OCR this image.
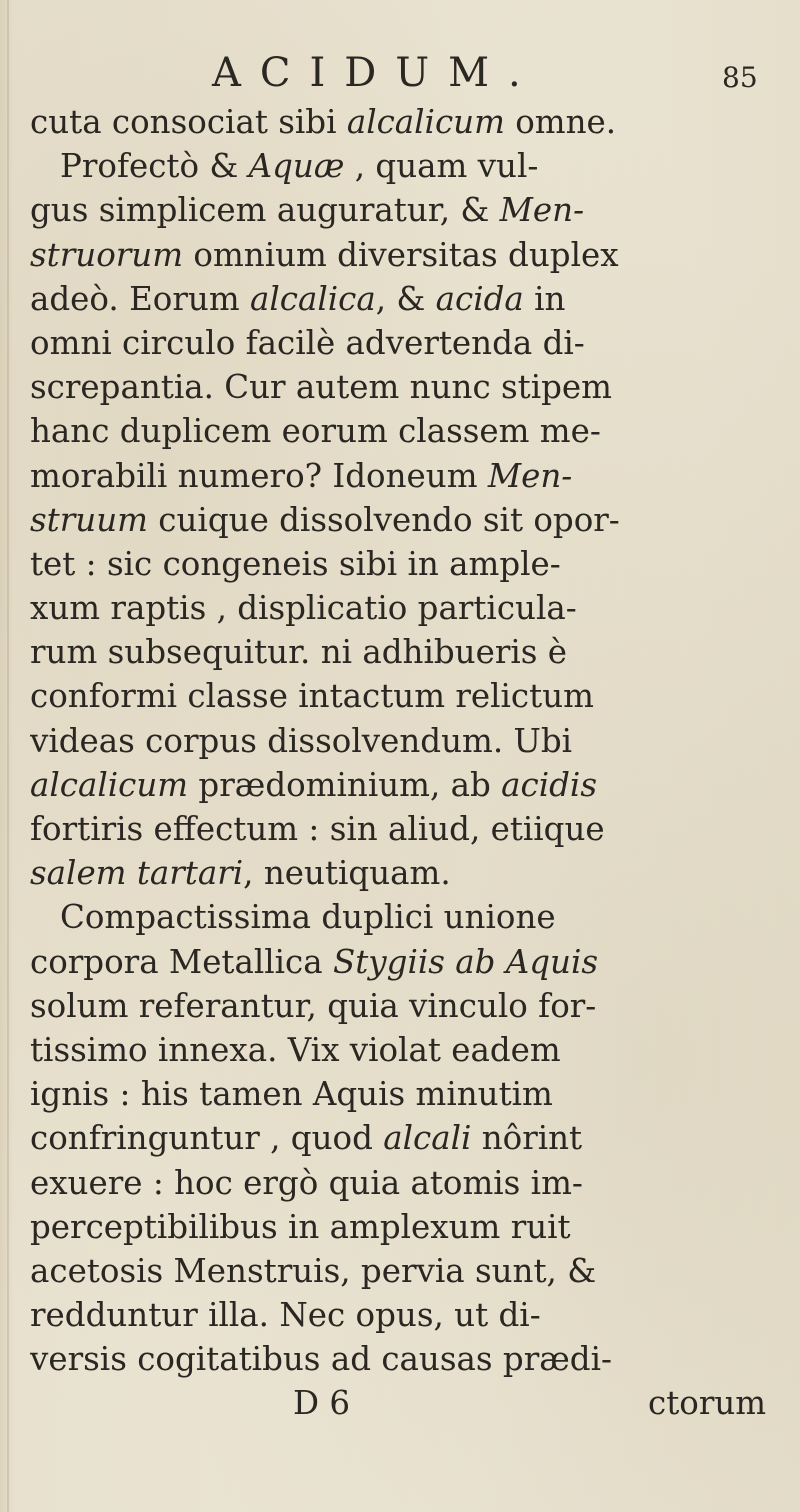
ACIDUM.	85
cuta consociat sibi alcalicum omne.
Profectò & Aquæ , quam vul-
gus simplicem auguratur, & Men-
struorum omnium diversitas duplex
adeò. Eorum alcalica, & acida in
omni circulo facilè advertenda di-
screpantia. Cur autem nunc stipem
hanc duplicem eorum classem me-
morabili numero? Idoneum Men-
struum cuique dissolvendo sit opor-
tet : sic congeneis sibi in ample-
xum raptis , displicatio particula-
rum subsequitur. ni adhibueris è
conformi classe intactum relictum
videas corpus dissolvendum. Ubi
alcalicum prædominium, ab acidis
fortiris effectum : sin aliud, etiique
salem tartari, neutiquam.
Compactissima duplici unione
corpora Metallica Stygiis ab Aquis
solum referantur, quia vinculo for-
tissimo innexa. Vix violat eadem
ignis : his tamen Aquis minutim
confringuntur , quod alcali nôrint
exuere : hoc ergò quia atomis im-
perceptibilibus in amplexum ruit
acetosis Menstruis, pervia sunt, &
redduntur illa. Nec opus, ut di-
versis cogitatibus ad causas prædi-
D 6	ctorum
